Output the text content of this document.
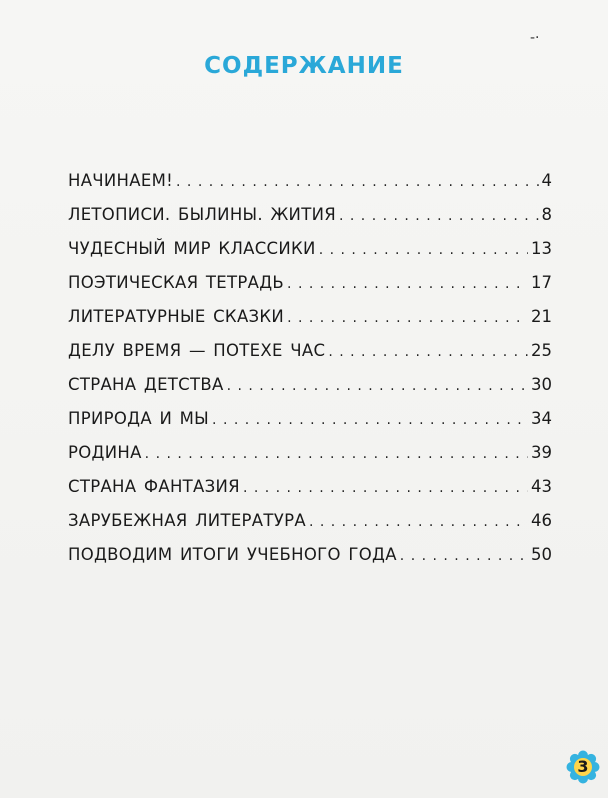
-·
СОДЕРЖАНИЕ
НАЧИНАЕМ! . . .	4
ЛЕТОПИСИ. БЫЛИНЫ. ЖИТИЯ . . .	8
ЧУДЕСНЫЙ МИР КЛАССИКИ . . .	13
ПОЭТИЧЕСКАЯ ТЕТРАДЬ . . .	17
ЛИТЕРАТУРНЫЕ СКАЗКИ . . .	21
ДЕЛУ ВРЕМЯ — ПОТЕХЕ ЧАС . . .	25
СТРАНА ДЕТСТВА . . .	30
ПРИРОДА И МЫ . . .	34
РОДИНА . . .	39
СТРАНА ФАНТАЗИЯ . . .	43
ЗАРУБЕЖНАЯ ЛИТЕРАТУРА . . .	46
ПОДВОДИМ ИТОГИ УЧЕБНОГО ГОДА . . .	50
3
